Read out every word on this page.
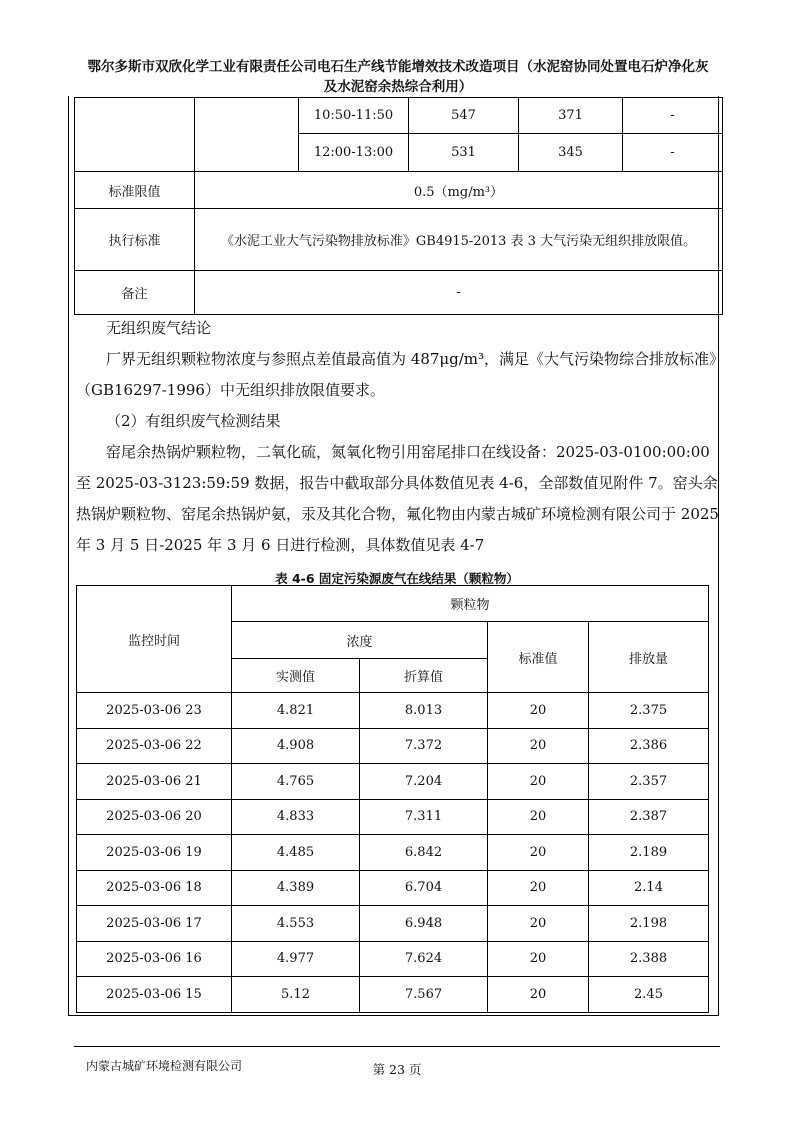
鄂尔多斯市双欣化学工业有限责任公司电石生产线节能增效技术改造项目（水泥窑协同处置电石炉净化灰
及水泥窑余热综合利用）
		10:50-11:50	547	371	-
		12:00-13:00	531	345	-
标准限值	0.5（mg/m³）				
执行标准	《水泥工业大气污染物排放标准》GB4915-2013 表 3 大气污染无组织排放限值。				
备注	-				

无组织废气结论

厂界无组织颗粒物浓度与参照点差值最高值为 487μg/m³，满足《大气污染物综合排放标准》（GB16297-1996）中无组织排放限值要求。

（2）有组织废气检测结果

窑尾余热锅炉颗粒物，二氧化硫，氮氧化物引用窑尾排口在线设备：2025-03-0100:00:00 至 2025-03-3123:59:59 数据，报告中截取部分具体数值见表 4-6，全部数值见附件 7。窑头余热锅炉颗粒物、窑尾余热锅炉氨，汞及其化合物，氟化物由内蒙古城矿环境检测有限公司于 2025 年 3 月 5 日-2025 年 3 月 6 日进行检测，具体数值见表 4-7

表 4-6 固定污染源废气在线结果（颗粒物）
监控时间	颗粒物			
	浓度		标准值	排放量
	实测值	折算值		
2025-03-06 23	4.821	8.013	20	2.375
2025-03-06 22	4.908	7.372	20	2.386
2025-03-06 21	4.765	7.204	20	2.357
2025-03-06 20	4.833	7.311	20	2.387
2025-03-06 19	4.485	6.842	20	2.189
2025-03-06 18	4.389	6.704	20	2.14
2025-03-06 17	4.553	6.948	20	2.198
2025-03-06 16	4.977	7.624	20	2.388
2025-03-06 15	5.12	7.567	20	2.45
内蒙古城矿环境检测有限公司	第 23 页
